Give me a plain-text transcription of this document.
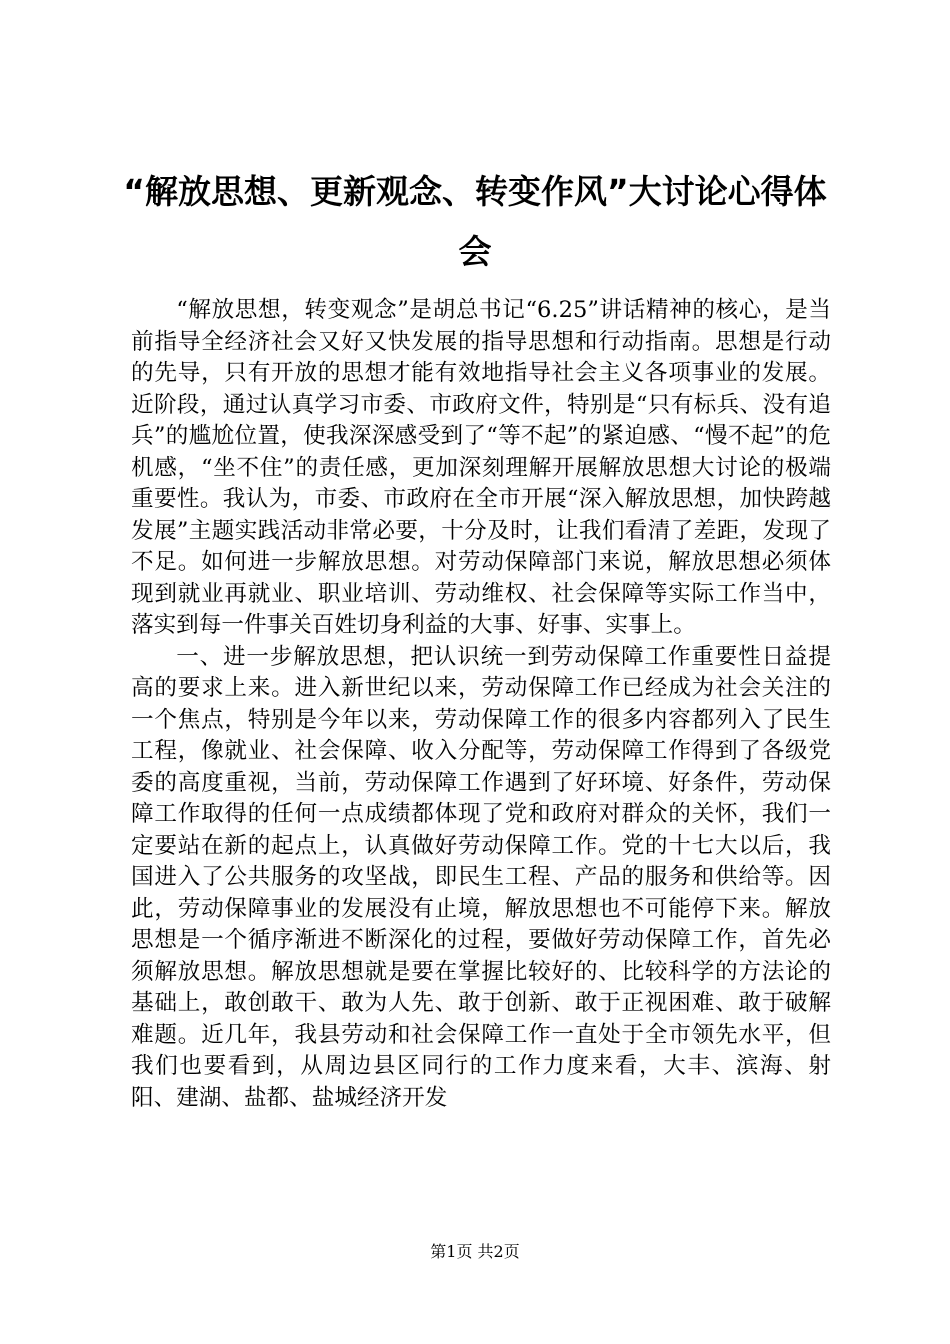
“解放思想、更新观念、转变作风”大讨论心得体会

“解放思想，转变观念”是胡总书记“6.25”讲话精神的核心，是当前指导全经济社会又好又快发展的指导思想和行动指南。思想是行动的先导，只有开放的思想才能有效地指导社会主义各项事业的发展。近阶段，通过认真学习市委、市政府文件，特别是“只有标兵、没有追兵”的尴尬位置，使我深深感受到了“等不起”的紧迫感、“慢不起”的危机感，“坐不住”的责任感，更加深刻理解开展解放思想大讨论的极端重要性。我认为，市委、市政府在全市开展“深入解放思想，加快跨越发展”主题实践活动非常必要，十分及时，让我们看清了差距，发现了不足。如何进一步解放思想。对劳动保障部门来说，解放思想必须体现到就业再就业、职业培训、劳动维权、社会保障等实际工作当中，落实到每一件事关百姓切身利益的大事、好事、实事上。

一、进一步解放思想，把认识统一到劳动保障工作重要性日益提高的要求上来。进入新世纪以来，劳动保障工作已经成为社会关注的一个焦点，特别是今年以来，劳动保障工作的很多内容都列入了民生工程，像就业、社会保障、收入分配等，劳动保障工作得到了各级党委的高度重视，当前，劳动保障工作遇到了好环境、好条件，劳动保障工作取得的任何一点成绩都体现了党和政府对群众的关怀，我们一定要站在新的起点上，认真做好劳动保障工作。党的十七大以后，我国进入了公共服务的攻坚战，即民生工程、产品的服务和供给等。因此，劳动保障事业的发展没有止境，解放思想也不可能停下来。解放思想是一个循序渐进不断深化的过程，要做好劳动保障工作，首先必须解放思想。解放思想就是要在掌握比较好的、比较科学的方法论的基础上，敢创敢干、敢为人先、敢于创新、敢于正视困难、敢于破解难题。近几年，我县劳动和社会保障工作一直处于全市领先水平，但我们也要看到，从周边县区同行的工作力度来看，大丰、滨海、射阳、建湖、盐都、盐城经济开发

第1页 共2页
